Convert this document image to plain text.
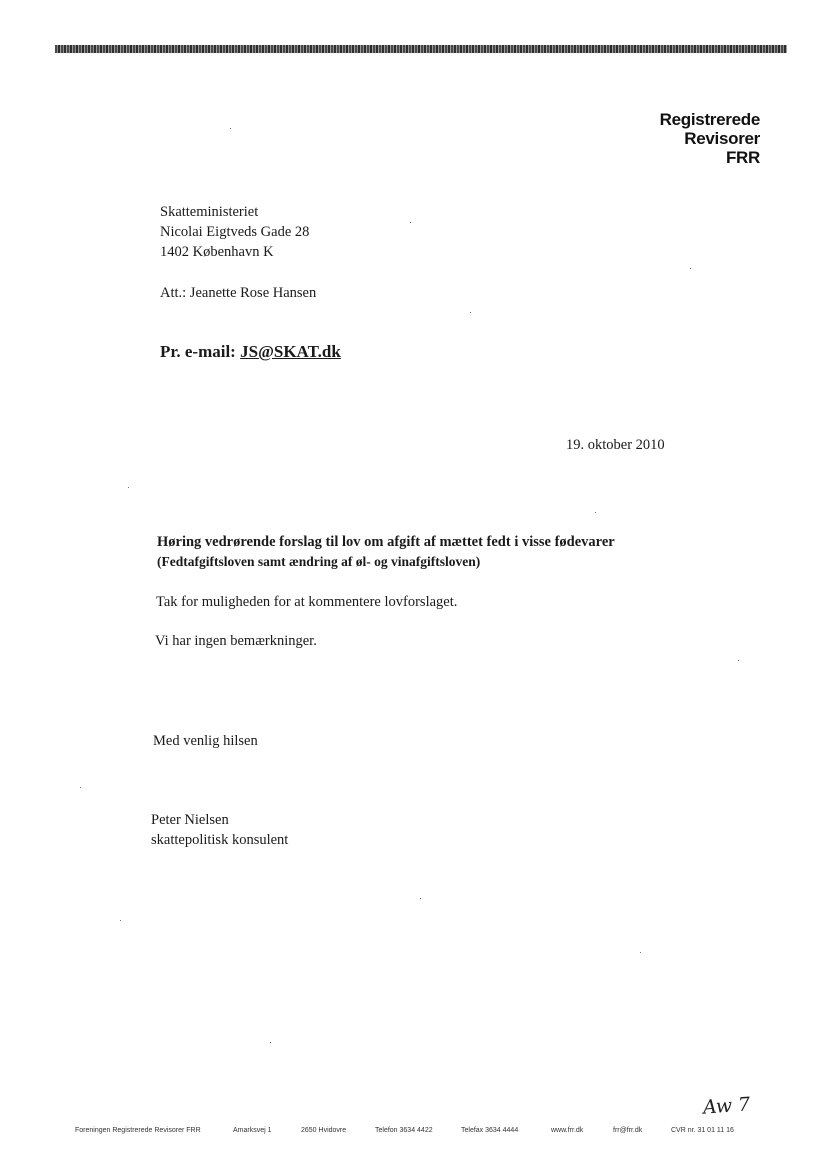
Registrerede
Revisorer
FRR
Skatteministeriet
Nicolai Eigtveds Gade 28
1402 København K
Att.: Jeanette Rose Hansen
Pr. e-mail: JS@SKAT.dk
19. oktober 2010
Høring vedrørende forslag til lov om afgift af mættet fedt i visse fødevarer
(Fedtafgiftsloven samt ændring af øl- og vinafgiftsloven)
Tak for muligheden for at kommentere lovforslaget.
Vi har ingen bemærkninger.
Med venlig hilsen
Peter Nielsen
skattepolitisk konsulent
Aw 7
Foreningen Registrerede Revisorer FRR	Amarksvej 1	2650 Hvidovre	Telefon 3634 4422	Telefax 3634 4444	www.frr.dk	frr@frr.dk	CVR nr. 31 01 11 16
